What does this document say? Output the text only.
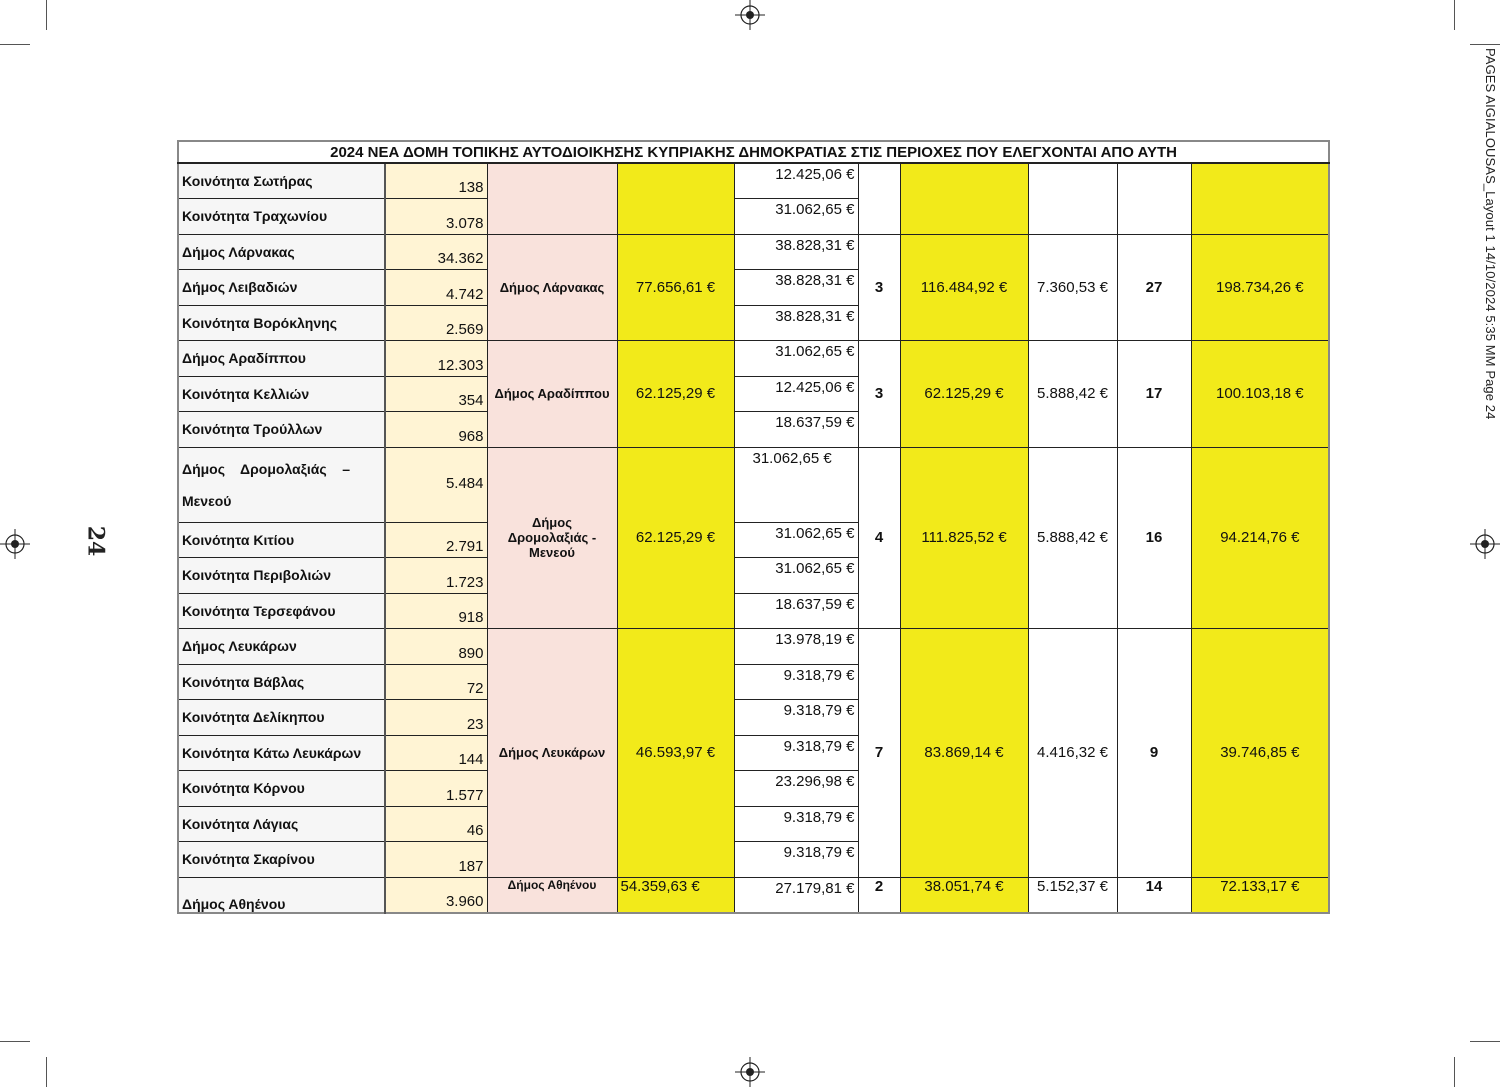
PAGES AIGIALOUSAS_Layout 1 14/10/2024 5:35 ΜΜ Page 24
24
2024 ΝΕΑ ΔΟΜΗ ΤΟΠΙΚΗΣ ΑΥΤΟΔΙΟΙΚΗΣΗΣ ΚΥΠΡΙΑΚΗΣ ΔΗΜΟΚΡΑΤΙΑΣ ΣΤΙΣ ΠΕΡΙΟΧΕΣ ΠΟΥ ΕΛΕΓΧΟΝΤΑΙ ΑΠΟ ΑΥΤΗ									
Κοινότητα Σωτήρας	138			12.425,06 €					
Κοινότητα Τραχωνίου	3.078			31.062,65 €					
Δήμος Λάρνακας	34.362	Δήμος Λάρνακας	77.656,61 €	38.828,31 €	3	116.484,92 €	7.360,53 €	27	198.734,26 €
Δήμος Λειβαδιών	4.742			38.828,31 €					
Κοινότητα Βορόκληνης	2.569			38.828,31 €					
Δήμος Αραδίππου	12.303	Δήμος Αραδίππου	62.125,29 €	31.062,65 €	3	62.125,29 €	5.888,42 €	17	100.103,18 €
Κοινότητα Κελλιών	354			12.425,06 €					
Κοινότητα Τρούλλων	968			18.637,59 €					

Δήμος    Δρομολαξιάς    –
Μενεού	5.484	Δήμος Δρομολαξιάς - Μενεού	62.125,29 €	31.062,65 €	4	111.825,52 €	5.888,42 €	16	94.214,76 €
Κοινότητα Κιτίου	2.791			31.062,65 €					
Κοινότητα Περιβολιών	1.723			31.062,65 €					
Κοινότητα Τερσεφάνου	918			18.637,59 €					
Δήμος Λευκάρων	890	Δήμος Λευκάρων	46.593,97 €	13.978,19 €	7	83.869,14 €	4.416,32 €	9	39.746,85 €
Κοινότητα Βάβλας	72			9.318,79 €					
Κοινότητα Δελίκηπου	23			9.318,79 €					
Κοινότητα Κάτω Λευκάρων	144			9.318,79 €					
Κοινότητα Κόρνου	1.577			23.296,98 €					
Κοινότητα Λάγιας	46			9.318,79 €					
Κοινότητα Σκαρίνου	187			9.318,79 €					
Δήμος Αθηένου	3.960	Δήμος Αθηένου	54.359,63 €	27.179,81 €	2	38.051,74 €	5.152,37 €	14	72.133,17 €
